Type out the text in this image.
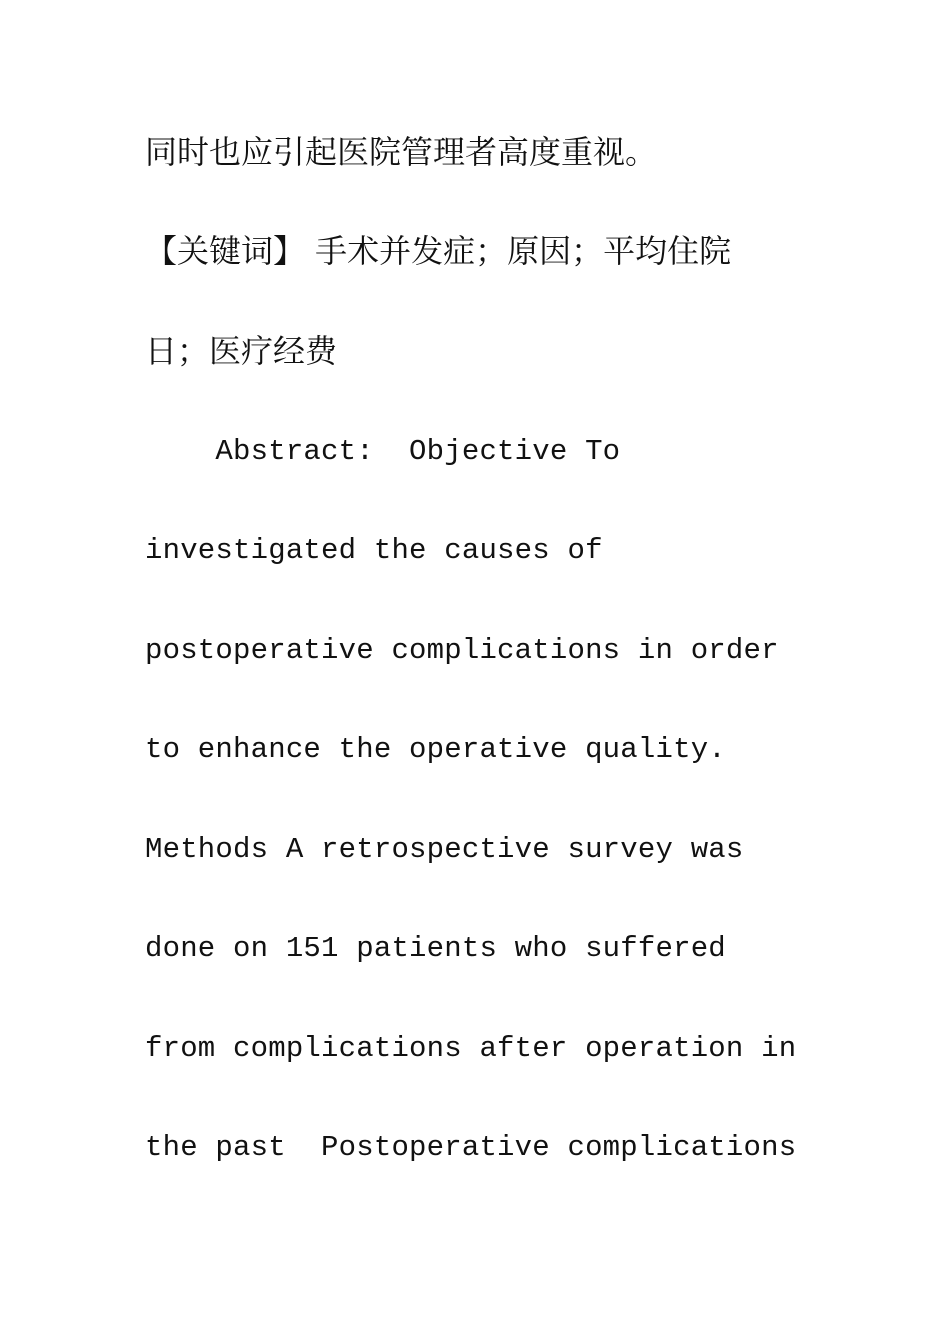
同时也应引起医院管理者高度重视。
【关键词】 手术并发症；原因；平均住院
日；医疗经费
Abstract:  Objective To
investigated the causes of
postoperative complications in order
to enhance the operative quality.
Methods A retrospective survey was
done on 151 patients who suffered
from complications after operation in
the past  Postoperative complications
